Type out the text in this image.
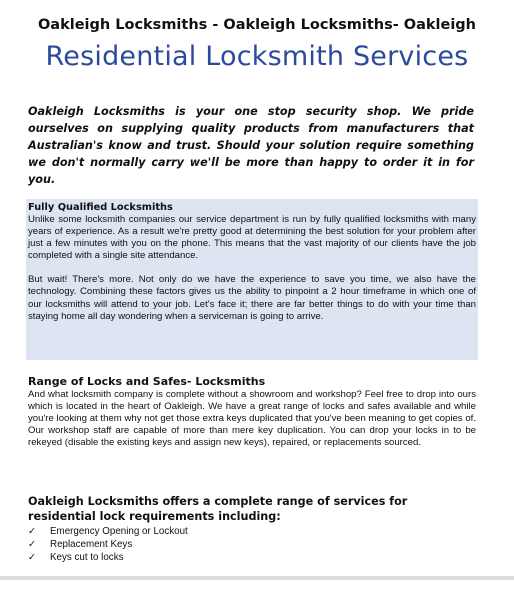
Oakleigh Locksmiths - Oakleigh Locksmiths- Oakleigh
Residential Locksmith Services
Oakleigh Locksmiths is your one stop security shop. We pride ourselves on supplying quality products from manufacturers that Australian's know and trust. Should your solution require something we don't normally carry we'll be more than happy to order it in for you.
Fully Qualified Locksmiths

Unlike some locksmith companies our service department is run by fully qualified locksmiths with many years of experience. As a result we're pretty good at determining the best solution for your problem after just a few minutes with you on the phone. This means that the vast majority of our clients have the job completed with a single site attendance.

But wait! There's more. Not only do we have the experience to save you time, we also have the technology. Combining these factors gives us the ability to pinpoint a 2 hour timeframe in which one of our locksmiths will attend to your job. Let's face it; there are far better things to do with your time than staying home all day wondering when a serviceman is going to arrive.

Range of Locks and Safes- Locksmiths

And what locksmith company is complete without a showroom and workshop? Feel free to drop into ours which is located in the heart of Oakleigh. We have a great range of locks and safes available and while you're looking at them why not get those extra keys duplicated that you've been meaning to get copies of. Our workshop staff are capable of more than mere key duplication. You can drop your locks in to be rekeyed (disable the existing keys and assign new keys), repaired, or replacements sourced.

Oakleigh Locksmiths offers a complete range of services for residential lock requirements including:
✓ Emergency Opening or Lockout
✓ Replacement Keys
✓ Keys cut to locks
